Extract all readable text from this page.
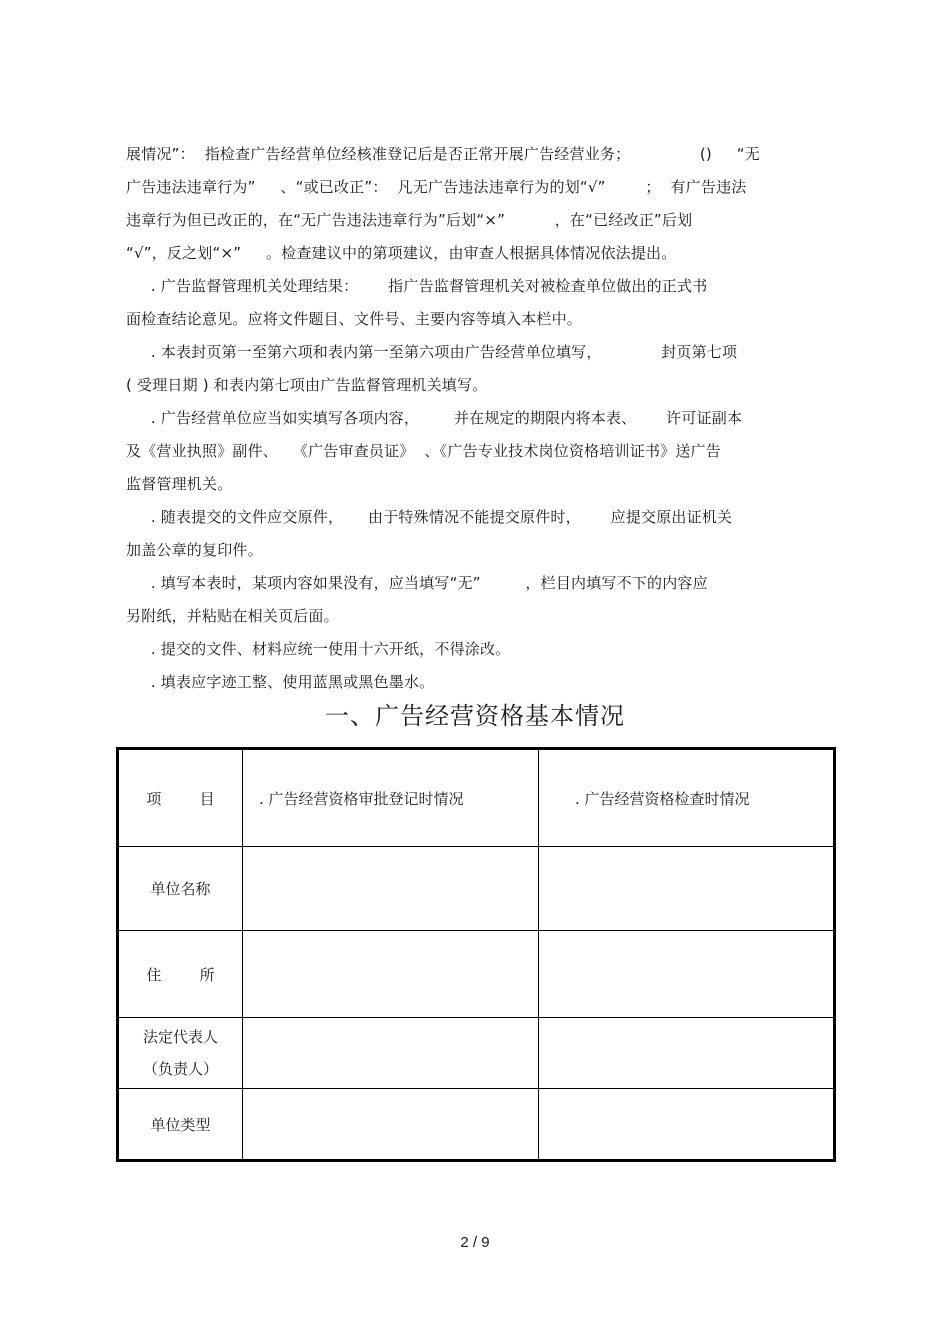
展情况”：  指检查广告经营单位经核准登记后是否正常开展广告经营业务；              ()     “无
广告违法违章行为”     、“或已改正”：  凡无广告违法违章行为的划“√”        ；  有广告违法
违章行为但已改正的，在“无广告违法违章行为”后划“×”          ，在“已经改正”后划
“√”，反之划“×”     。检查建议中的第项建议，由审查人根据具体情况依法提出。
. 广告监督管理机关处理结果：      指广告监督管理机关对被检查单位做出的正式书
面检查结论意见。应将文件题目、文件号、主要内容等填入本栏中。
. 本表封页第一至第六项和表内第一至第六项由广告经营单位填写，            封页第七项
( 受理日期 ) 和表内第七项由广告监督管理机关填写。
. 广告经营单位应当如实填写各项内容，       并在规定的期限内将本表、      许可证副本
及《营业执照》副件、   《广告审查员证》  、《广告专业技术岗位资格培训证书》送广告
监督管理机关。
. 随表提交的文件应交原件，     由于特殊情况不能提交原件时，      应提交原出证机关
加盖公章的复印件。
. 填写本表时，某项内容如果没有，应当填写“无”         ，栏目内填写不下的内容应
另附纸，并粘贴在相关页后面。
. 提交的文件、材料应统一使用十六开纸，不得涂改。
. 填表应字迹工整、使用蓝黑或黑色墨水。
一、广告经营资格基本情况
项        目	. 广告经营资格审批登记时情况	. 广告经营资格检查时情况

单位名称		

住        所		

法定代表人
（负责人）		

单位类型		

2 / 9
